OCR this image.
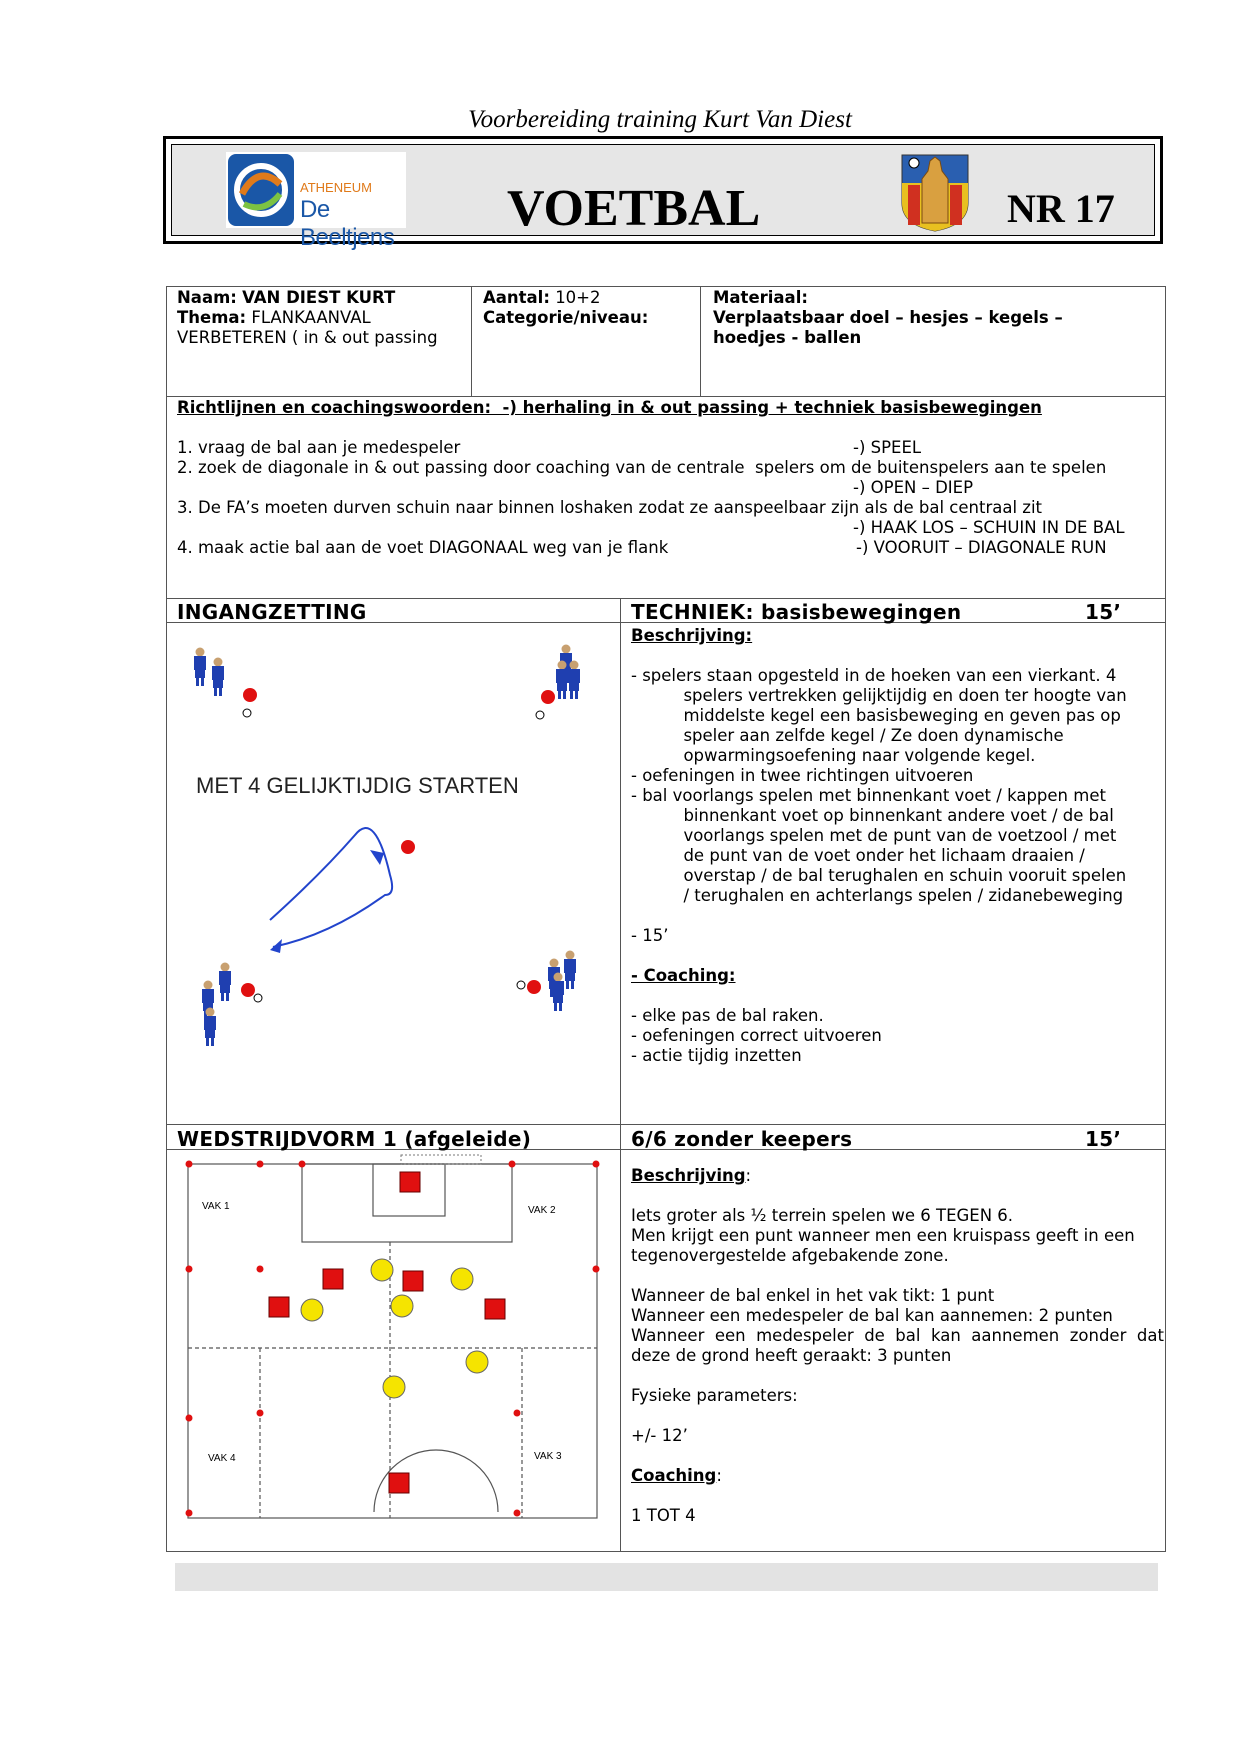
Voorbereiding training Kurt Van Diest
ATHENEUM
De Beeltjens
VOETBAL	NR 17
Naam: VAN DIEST KURT
Thema: FLANKAANVAL
VERBETEREN ( in & out passing
Aantal: 10+2
Categorie/niveau:
Materiaal:
Verplaatsbaar doel – hesjes – kegels –
hoedjes - ballen
Richtlijnen en coachingswoorden:  -) herhaling in & out passing + techniek basisbewegingen
1. vraag de bal aan je medespeler	-) SPEEL
2. zoek de diagonale in & out passing door coaching van de centrale  spelers om de buitenspelers aan te spelen
-) OPEN – DIEP
3. De FA’s moeten durven schuin naar binnen loshaken zodat ze aanspeelbaar zijn als de bal centraal zit
-) HAAK LOS – SCHUIN IN DE BAL
4. maak actie bal aan de voet DIAGONAAL weg van je flank	-) VOORUIT – DIAGONALE RUN
INGANGZETTING	TECHNIEK: basisbewegingen	15’
MET 4 GELIJKTIJDIG STARTEN
Beschrijving:
- spelers staan opgesteld in de hoeken van een vierkant. 4
spelers vertrekken gelijktijdig en doen ter hoogte van
middelste kegel een basisbeweging en geven pas op
speler aan zelfde kegel / Ze doen dynamische
opwarmingsoefening naar volgende kegel.
- oefeningen in twee richtingen uitvoeren
- bal voorlangs spelen met binnenkant voet / kappen met
binnenkant voet op binnenkant andere voet / de bal
voorlangs spelen met de punt van de voetzool / met
de punt van de voet onder het lichaam draaien /
overstap / de bal terughalen en schuin vooruit spelen
/ terughalen en achterlangs spelen / zidanebeweging
- 15’
- Coaching:
- elke pas de bal raken.
- oefeningen correct uitvoeren
- actie tijdig inzetten
WEDSTRIJDVORM 1 (afgeleide)	6/6 zonder keepers	15’
VAK 1	VAK 2
VAK 3
VAK 4
Beschrijving:
Iets groter als ½ terrein spelen we 6 TEGEN 6.
Men krijgt een punt wanneer men een kruispass geeft in een
tegenovergestelde afgebakende zone.
Wanneer de bal enkel in het vak tikt: 1 punt
Wanneer een medespeler de bal kan aannemen: 2 punten
Wanneer  een  medespeler  de  bal  kan  aannemen  zonder  dat
deze de grond heeft geraakt: 3 punten
Fysieke parameters:
+/- 12’
Coaching:
1 TOT 4
